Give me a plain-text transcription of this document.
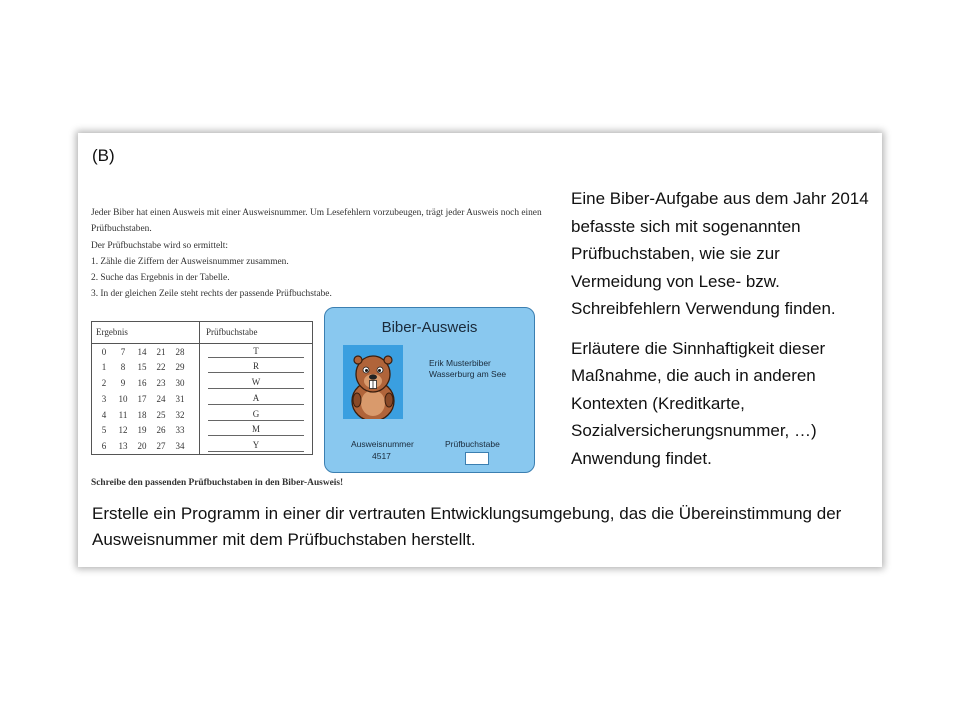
(B)

Jeder Biber hat einen Ausweis mit einer Ausweisnummer. Um Lesefehlern vorzubeugen, trägt jeder Ausweis noch einen Prüfbuchstaben.

Der Prüfbuchstabe wird so ermittelt:

1. Zähle die Ziffern der Ausweisnummer zusammen.

2. Suche das Ergebnis in der Tabelle.

3. In der gleichen Zeile steht rechts der passende Prüfbuchstabe.

Ergebnis	Prüfbuchstabe

0 7 14 21 28	T

1 8 15 22 29	R

2 9 16 23 30	W

3 10 17 24 31	A

4 11 18 25 32	G

5 12 19 26 33	M

6 13 20 27 34	Y
Schreibe den passenden Prüfbuchstaben in den Biber-Ausweis!
Biber-Ausweis
Erik Musterbiber
Wasserburg am See
Ausweisnummer
4517
Prüfbuchstabe

Eine Biber-Aufgabe aus dem Jahr 2014 befasste sich mit sogenannten Prüfbuchstaben, wie sie zur Vermeidung von Lese- bzw. Schreibfehlern Verwendung finden.

Erläutere die Sinnhaftigkeit dieser Maßnahme, die auch in anderen Kontexten (Kreditkarte, Sozialversicherungsnummer, …) Anwendung findet.

Erstelle ein Programm in einer dir vertrauten Entwicklungsumgebung, das die Übereinstimmung der Ausweisnummer mit dem Prüfbuchstaben herstellt.
